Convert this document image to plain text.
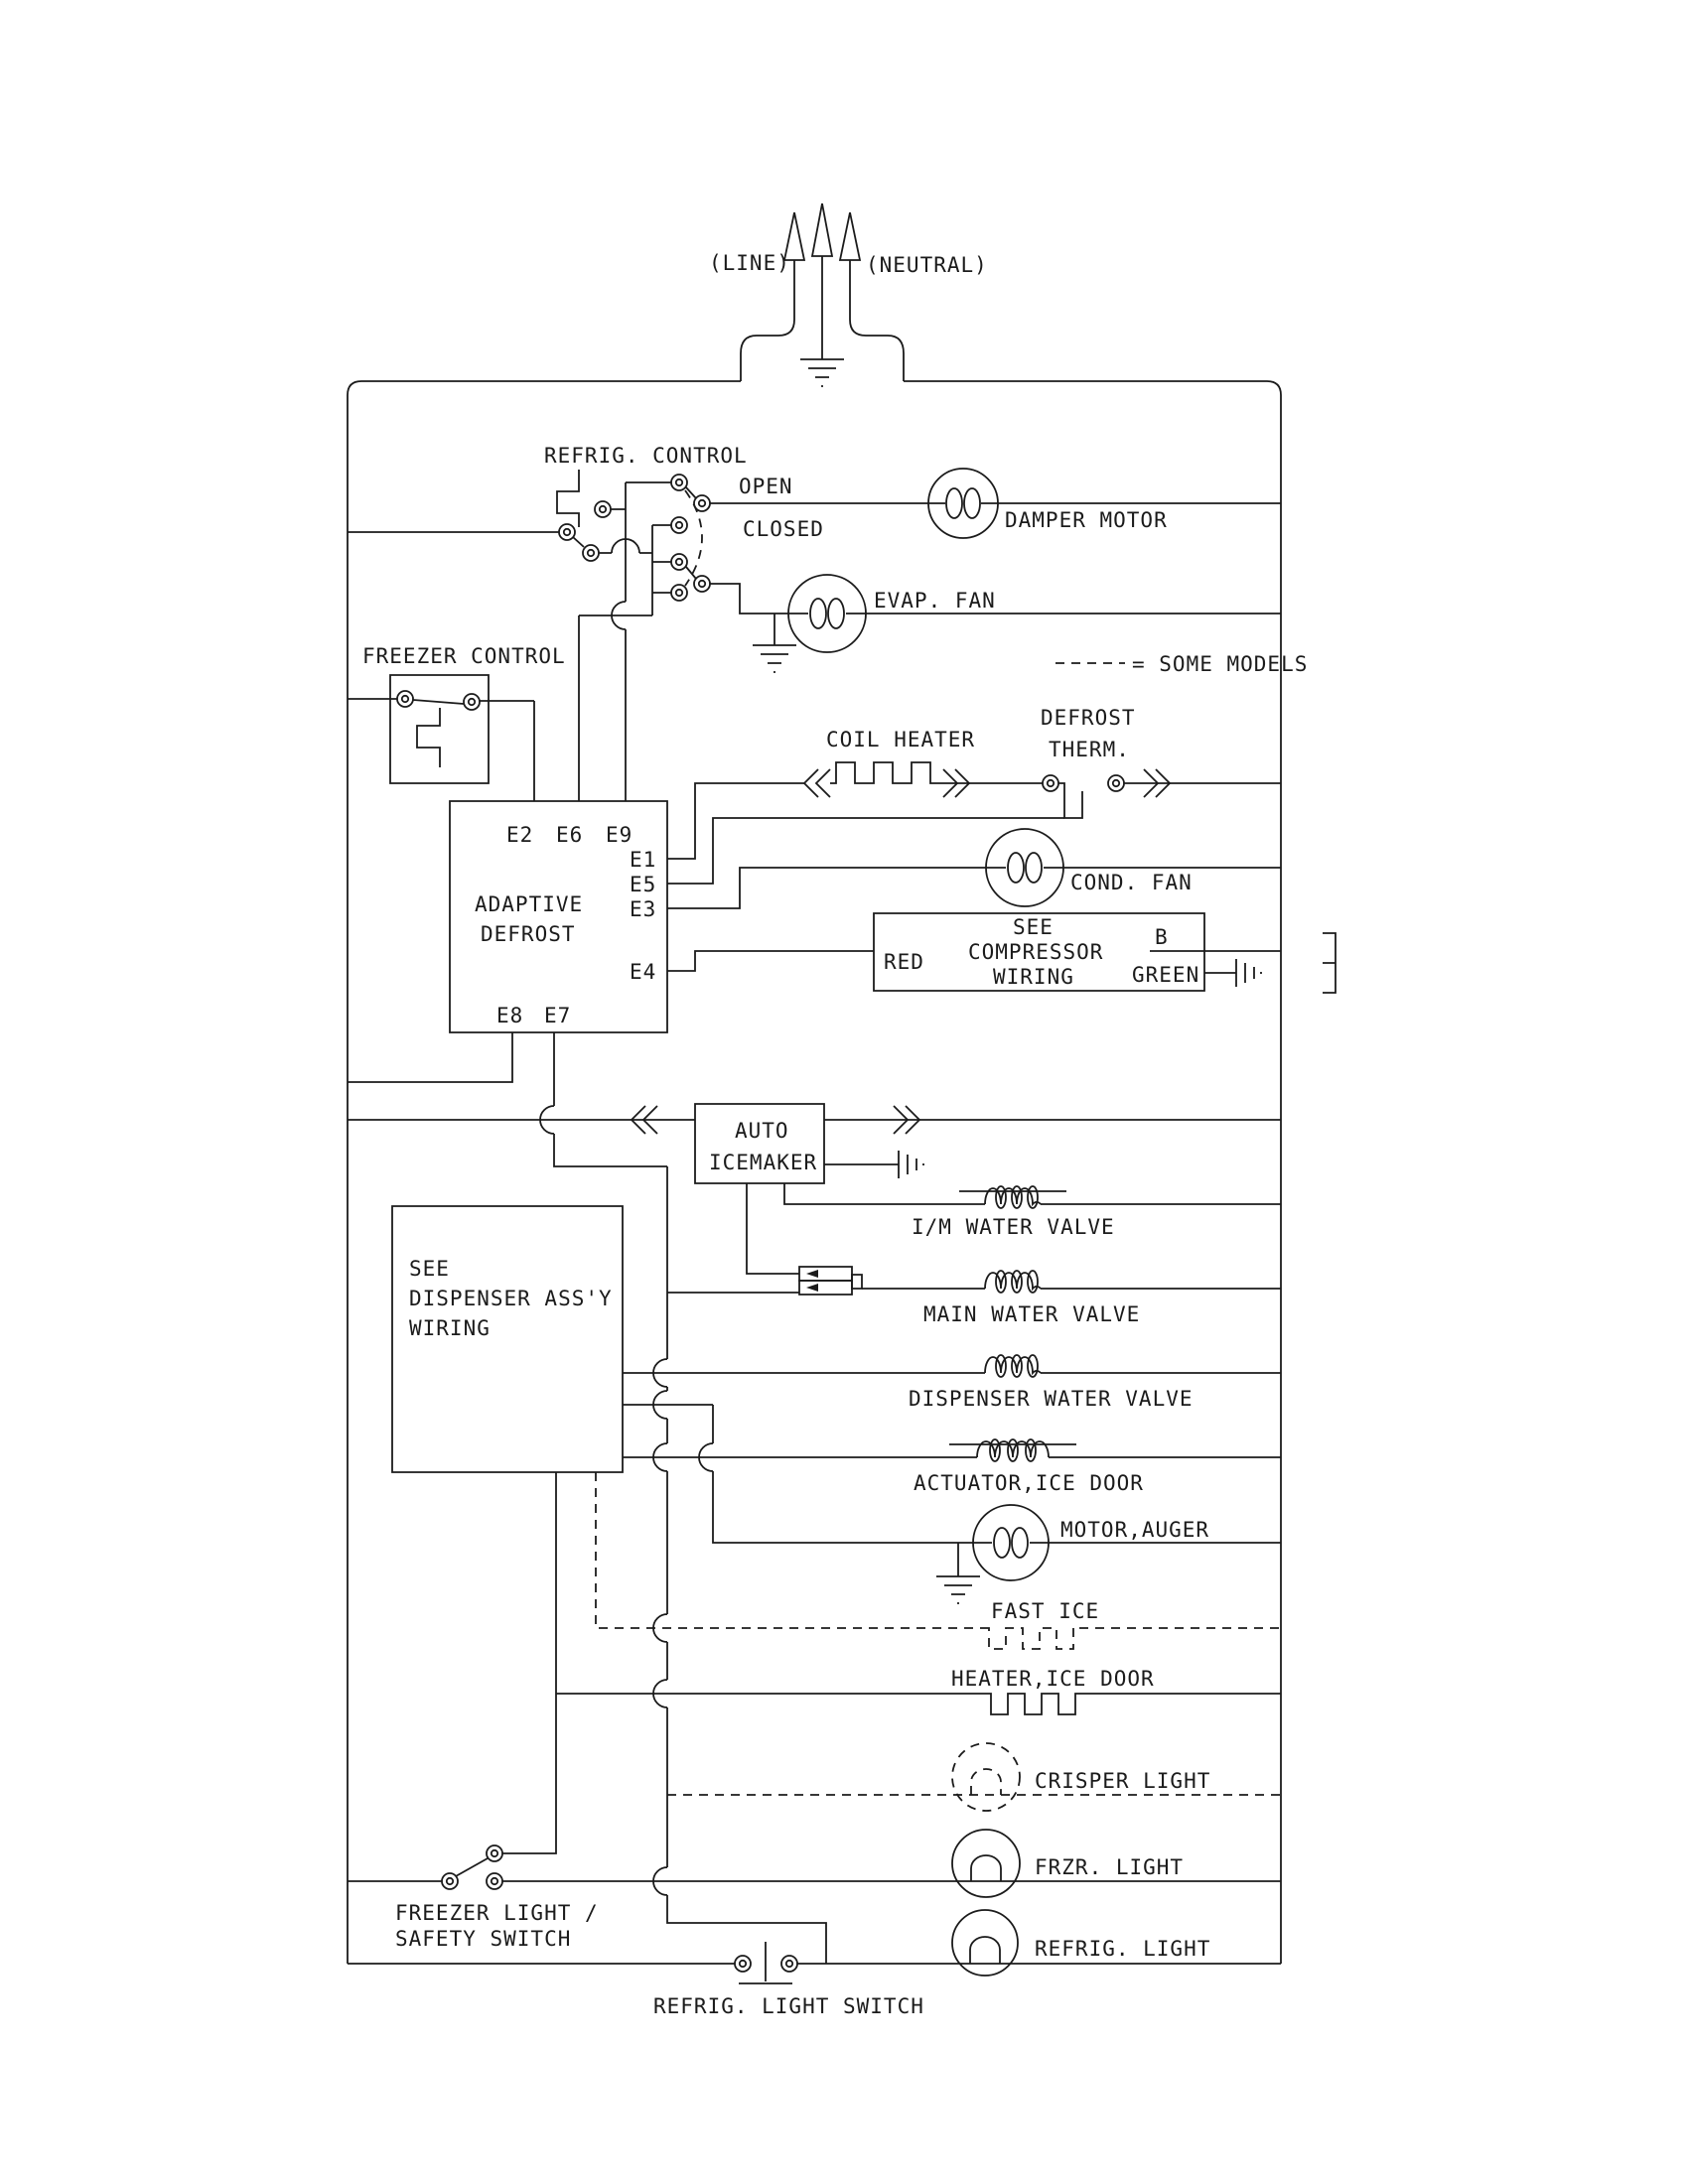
(LINE)	(NEUTRAL)
= SOME MODELS
REFRIG. CONTROL
OPEN
CLOSED	DAMPER MOTOR
EVAP. FAN
FREEZER CONTROL
E2 E6 E9
E1
E5
E3
E4
ADAPTIVE
DEFROST
E8 E7
COIL HEATER
DEFROST
THERM.
COND. FAN
SEE
COMPRESSOR
WIRING
RED
B
GREEN
AUTO
ICEMAKER
I/M WATER VALVE
MAIN WATER VALVE
SEE
DISPENSER ASS'Y
WIRING
DISPENSER WATER VALVE
ACTUATOR,ICE DOOR
MOTOR,AUGER
FAST ICE
HEATER,ICE DOOR
CRISPER LIGHT
FRZR. LIGHT
FREEZER LIGHT /
SAFETY SWITCH
REFRIG. LIGHT SWITCH
REFRIG. LIGHT
